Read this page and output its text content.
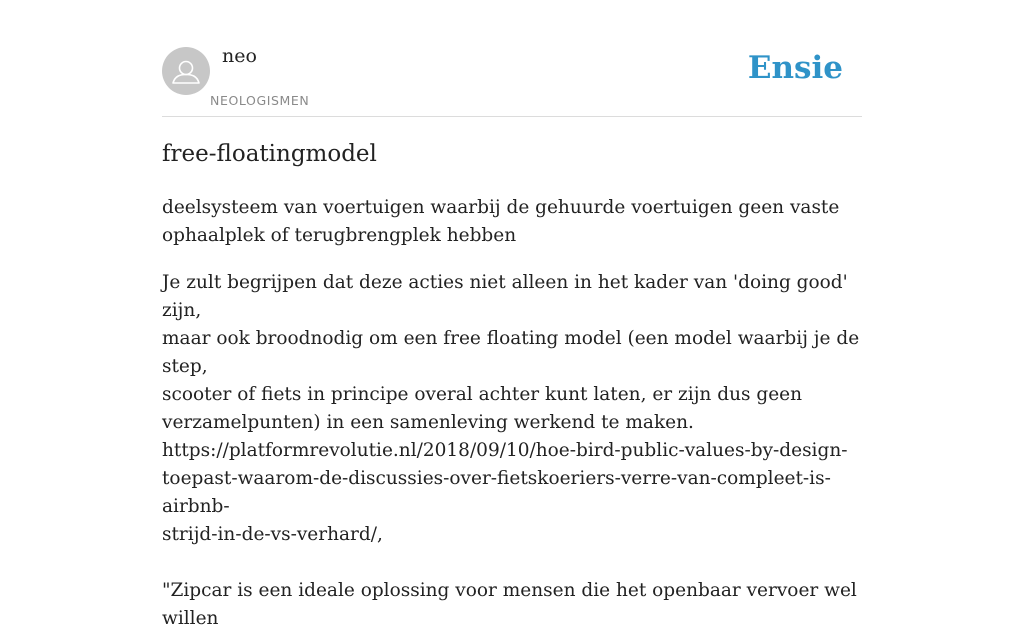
neo
NEOLOGISMEN
Ensie
free-floatingmodel

deelsysteem van voertuigen waarbij de gehuurde voertuigen geen vaste
ophaalplek of terugbrengplek hebben

Je zult begrijpen dat deze acties niet alleen in het kader van 'doing good' zijn,
maar ook broodnodig om een free floating model (een model waarbij je de step,
scooter of fiets in principe overal achter kunt laten, er zijn dus geen
verzamelpunten) in een samenleving werkend te maken.
https://platformrevolutie.nl/2018/09/10/hoe-bird-public-values-by-design-
toepast-waarom-de-discussies-over-fietskoeriers-verre-van-compleet-is-airbnb-
strijd-in-de-vs-verhard/,
"Zipcar is een ideale oplossing voor mensen die het openbaar vervoer wel willen
